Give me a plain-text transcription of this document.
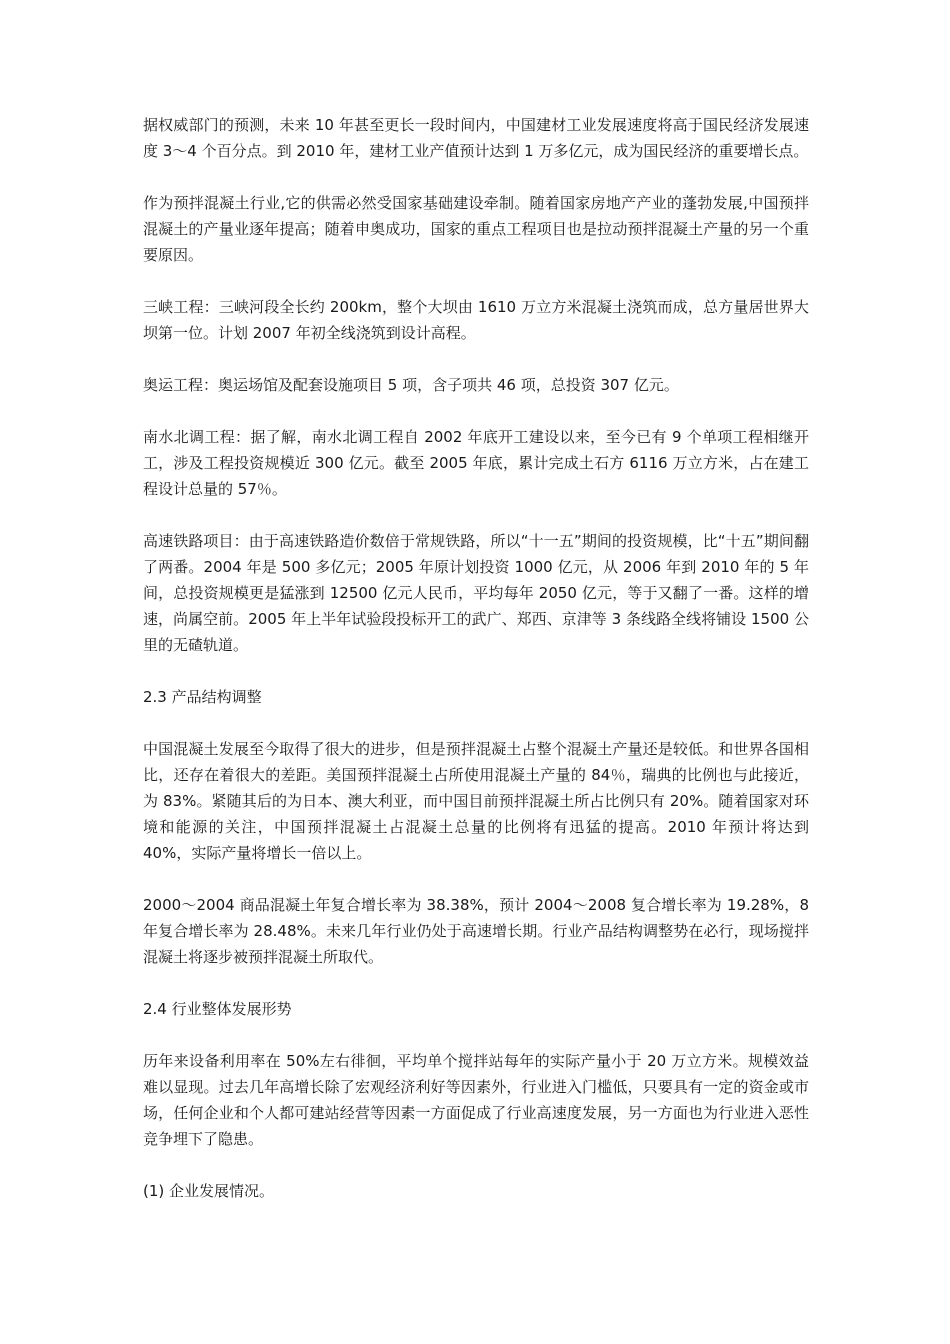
据权威部门的预测，未来 10 年甚至更长一段时间内，中国建材工业发展速度将高于国民经济发展速度 3～4 个百分点。到 2010 年，建材工业产值预计达到 1 万多亿元，成为国民经济的重要增长点。

作为预拌混凝土行业,它的供需必然受国家基础建设牵制。随着国家房地产产业的蓬勃发展,中国预拌混凝土的产量业逐年提高；随着申奥成功，国家的重点工程项目也是拉动预拌混凝土产量的另一个重要原因。

三峡工程：三峡河段全长约 200km，整个大坝由 1610 万立方米混凝土浇筑而成，总方量居世界大坝第一位。计划 2007 年初全线浇筑到设计高程。

奥运工程：奥运场馆及配套设施项目 5 项，含子项共 46 项，总投资 307 亿元。

南水北调工程：据了解，南水北调工程自 2002 年底开工建设以来，至今已有 9 个单项工程相继开工，涉及工程投资规模近 300 亿元。截至 2005 年底，累计完成土石方 6116 万立方米，占在建工程设计总量的 57％。

高速铁路项目：由于高速铁路造价数倍于常规铁路，所以“十一五”期间的投资规模，比“十五”期间翻了两番。2004 年是 500 多亿元；2005 年原计划投资 1000 亿元，从 2006 年到 2010 年的 5 年间，总投资规模更是猛涨到 12500 亿元人民币，平均每年 2050 亿元，等于又翻了一番。这样的增速，尚属空前。2005 年上半年试验段投标开工的武广、郑西、京津等 3 条线路全线将铺设 1500 公里的无碴轨道。

2.3 产品结构调整

中国混凝土发展至今取得了很大的进步，但是预拌混凝土占整个混凝土产量还是较低。和世界各国相比，还存在着很大的差距。美国预拌混凝土占所使用混凝土产量的 84％，瑞典的比例也与此接近，为 83%。紧随其后的为日本、澳大利亚，而中国目前预拌混凝土所占比例只有 20%。随着国家对环境和能源的关注，中国预拌混凝土占混凝土总量的比例将有迅猛的提高。2010 年预计将达到 40%，实际产量将增长一倍以上。

2000～2004 商品混凝土年复合增长率为 38.38%，预计 2004～2008 复合增长率为 19.28%，8 年复合增长率为 28.48%。未来几年行业仍处于高速增长期。行业产品结构调整势在必行，现场搅拌混凝土将逐步被预拌混凝土所取代。

2.4 行业整体发展形势

历年来设备利用率在 50%左右徘徊，平均单个搅拌站每年的实际产量小于 20 万立方米。规模效益难以显现。过去几年高增长除了宏观经济利好等因素外，行业进入门槛低，只要具有一定的资金或市场，任何企业和个人都可建站经营等因素一方面促成了行业高速度发展，另一方面也为行业进入恶性竞争埋下了隐患。

(1) 企业发展情况。
